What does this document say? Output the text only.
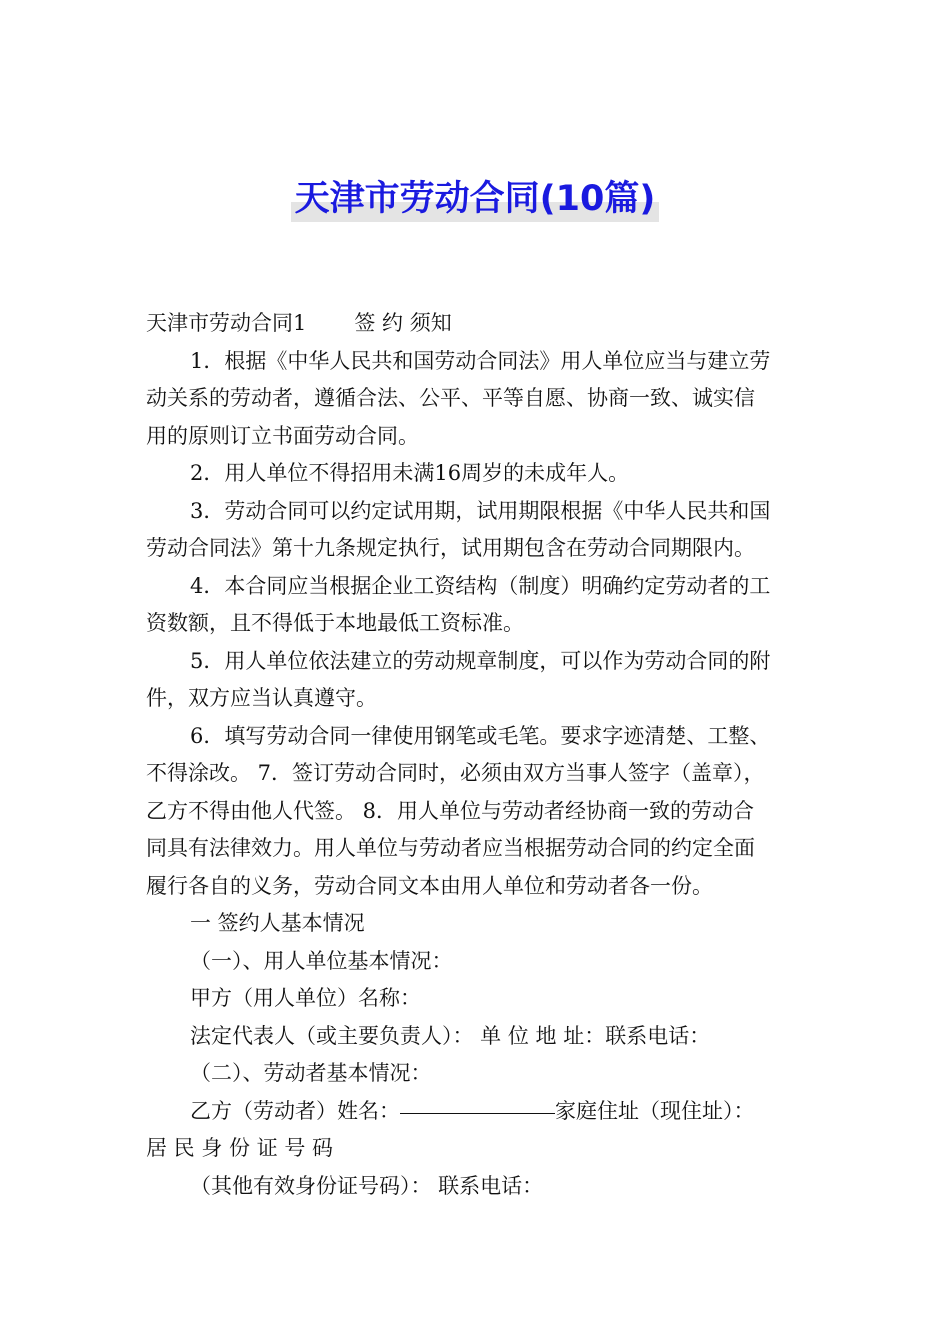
天津市劳动合同(10篇)

天津市劳动合同1 签 约 须知

1．根据《中华人民共和国劳动合同法》用人单位应当与建立劳

动关系的劳动者，遵循合法、公平、平等自愿、协商一致、诚实信

用的原则订立书面劳动合同。

2．用人单位不得招用未满16周岁的未成年人。

3．劳动合同可以约定试用期，试用期限根据《中华人民共和国

劳动合同法》第十九条规定执行，试用期包含在劳动合同期限内。

4．本合同应当根据企业工资结构（制度）明确约定劳动者的工

资数额，且不得低于本地最低工资标准。

5．用人单位依法建立的劳动规章制度，可以作为劳动合同的附

件，双方应当认真遵守。

6．填写劳动合同一律使用钢笔或毛笔。要求字迹清楚、工整、

不得涂改。 7．签订劳动合同时，必须由双方当事人签字（盖章），

乙方不得由他人代签。 8．用人单位与劳动者经协商一致的劳动合

同具有法律效力。用人单位与劳动者应当根据劳动合同的约定全面

履行各自的义务，劳动合同文本由用人单位和劳动者各一份。

一 签约人基本情况

（一）、用人单位基本情况：

甲方（用人单位）名称：

法定代表人（或主要负责人）： 单 位 地 址：联系电话：

（二）、劳动者基本情况：

乙方（劳动者）姓名：	家庭住址（现住址）：

居 民 身 份 证 号 码

（其他有效身份证号码）： 联系电话：
